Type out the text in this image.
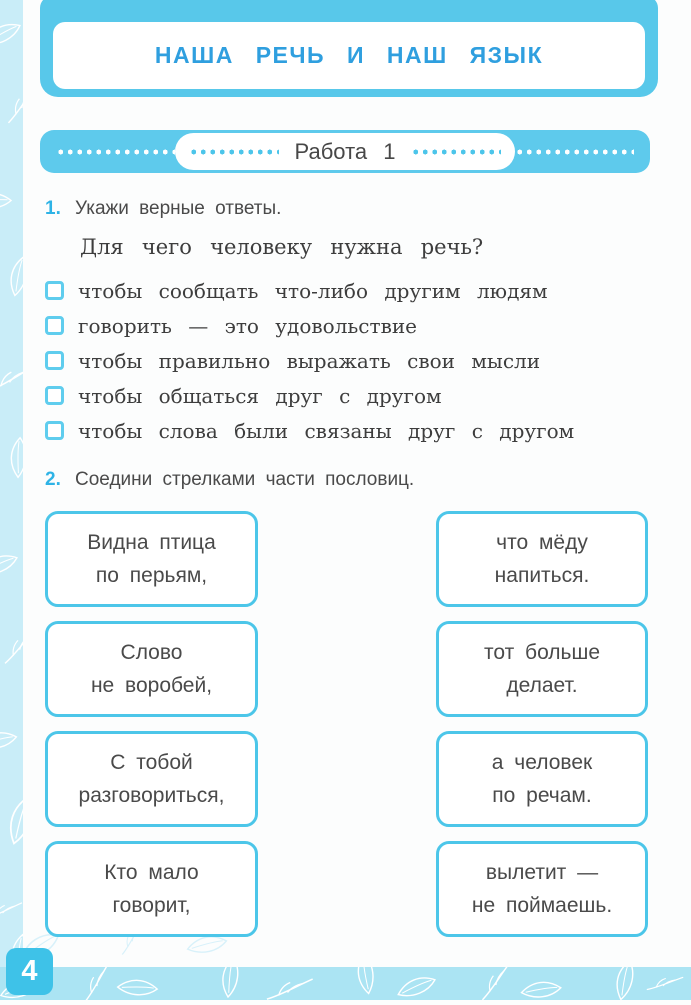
НАША РЕЧЬ И НАШ ЯЗЫК
Работа 1
1. Укажи верные ответы.

Для чего человеку нужна речь?

чтобы сообщать что-либо другим людям
говорить — это удовольствие
чтобы правильно выражать свои мысли
чтобы общаться друг с другом
чтобы слова были связаны друг с другом
2. Соедини стрелками части пословиц.
Видна птица
по перьям,
что мёду
напиться.
Слово
не воробей,
тот больше
делает.
С тобой
разговориться,
а человек
по речам.
Кто мало
говорит,
вылетит —
не поймаешь.
4
